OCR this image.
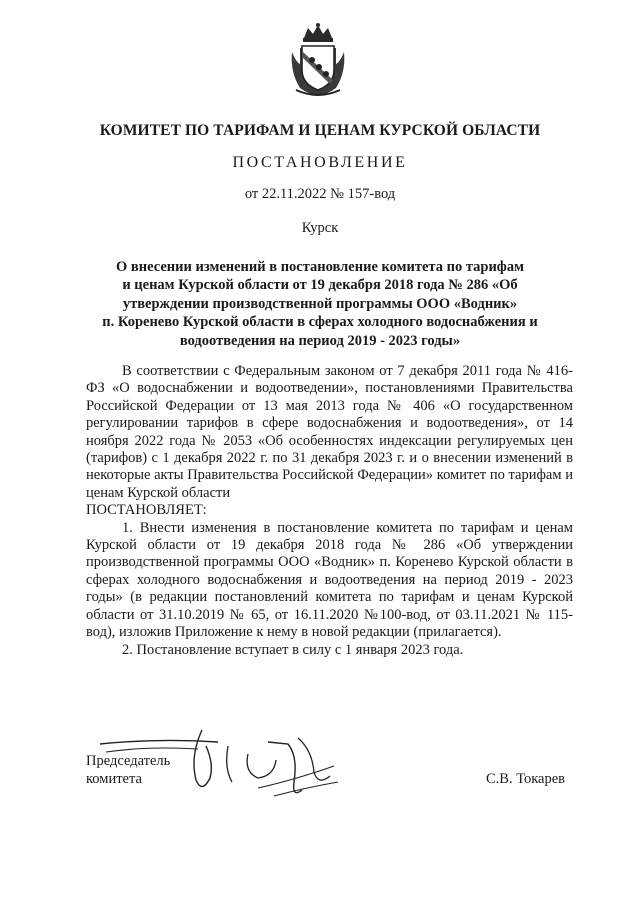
КОМИТЕТ ПО ТАРИФАМ И ЦЕНАМ КУРСКОЙ ОБЛАСТИ
ПОСТАНОВЛЕНИЕ
от 22.11.2022 № 157-вод
Курск
О внесении изменений в постановление комитета по тарифам
и ценам Курской области от 19 декабря 2018 года № 286 «Об
утверждении производственной программы ООО «Водник»
п. Коренево Курской области в сферах холодного водоснабжения и
водоотведения на период 2019 - 2023 годы»

В соответствии с Федеральным законом от 7 декабря 2011 года № 416-ФЗ «О водоснабжении и водоотведении», постановлениями Правительства Российской Федерации от 13 мая 2013 года № 406 «О государственном регулировании тарифов в сфере водоснабжения и водоотведения», от 14 ноября 2022 года № 2053 «Об особенностях индексации регулируемых цен (тарифов) с 1 декабря 2022 г. по 31 декабря 2023 г. и о внесении изменений в некоторые акты Правительства Российской Федерации» комитет по тарифам и ценам Курской области

ПОСТАНОВЛЯЕТ:

1. Внести изменения в постановление комитета по тарифам и ценам Курской области от 19 декабря 2018 года № 286 «Об утверждении производственной программы ООО «Водник» п. Коренево Курской области в сферах холодного водоснабжения и водоотведения на период 2019 - 2023 годы» (в редакции постановлений комитета по тарифам и ценам Курской области от 31.10.2019 № 65, от 16.11.2020 №100-вод, от 03.11.2021 № 115-вод), изложив Приложение к нему в новой редакции (прилагается).

2. Постановление вступает в силу с 1 января 2023 года.

Председатель
комитета	С.В. Токарев
